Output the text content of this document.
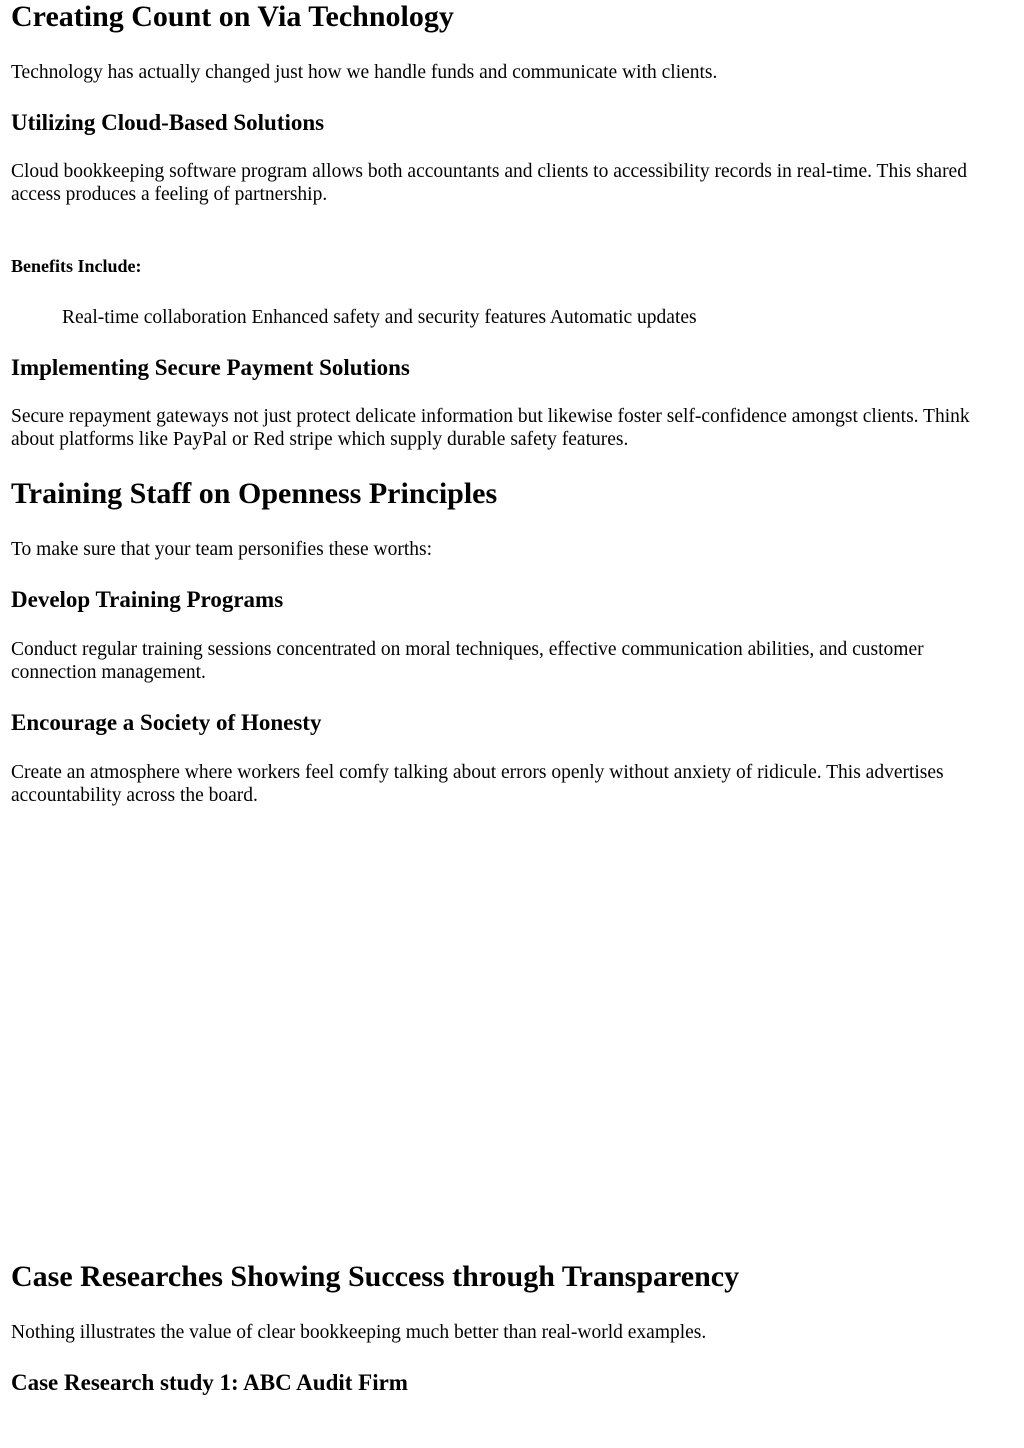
Creating Count on Via Technology

Technology has actually changed just how we handle funds and communicate with clients.

Utilizing Cloud-Based Solutions

Cloud bookkeeping software program allows both accountants and clients to accessibility records in real-time. This shared access produces a feeling of partnership.

Benefits Include:
Real-time collaboration Enhanced safety and security features Automatic updates
Implementing Secure Payment Solutions

Secure repayment gateways not just protect delicate information but likewise foster self-confidence amongst clients. Think about platforms like PayPal or Red stripe which supply durable safety features.

Training Staff on Openness Principles

To make sure that your team personifies these worths:

Develop Training Programs

Conduct regular training sessions concentrated on moral techniques, effective communication abilities, and customer connection management.

Encourage a Society of Honesty

Create an atmosphere where workers feel comfy talking about errors openly without anxiety of ridicule. This advertises accountability across the board.

Case Researches Showing Success through Transparency

Nothing illustrates the value of clear bookkeeping much better than real-world examples.

Case Research study 1: ABC Audit Firm
